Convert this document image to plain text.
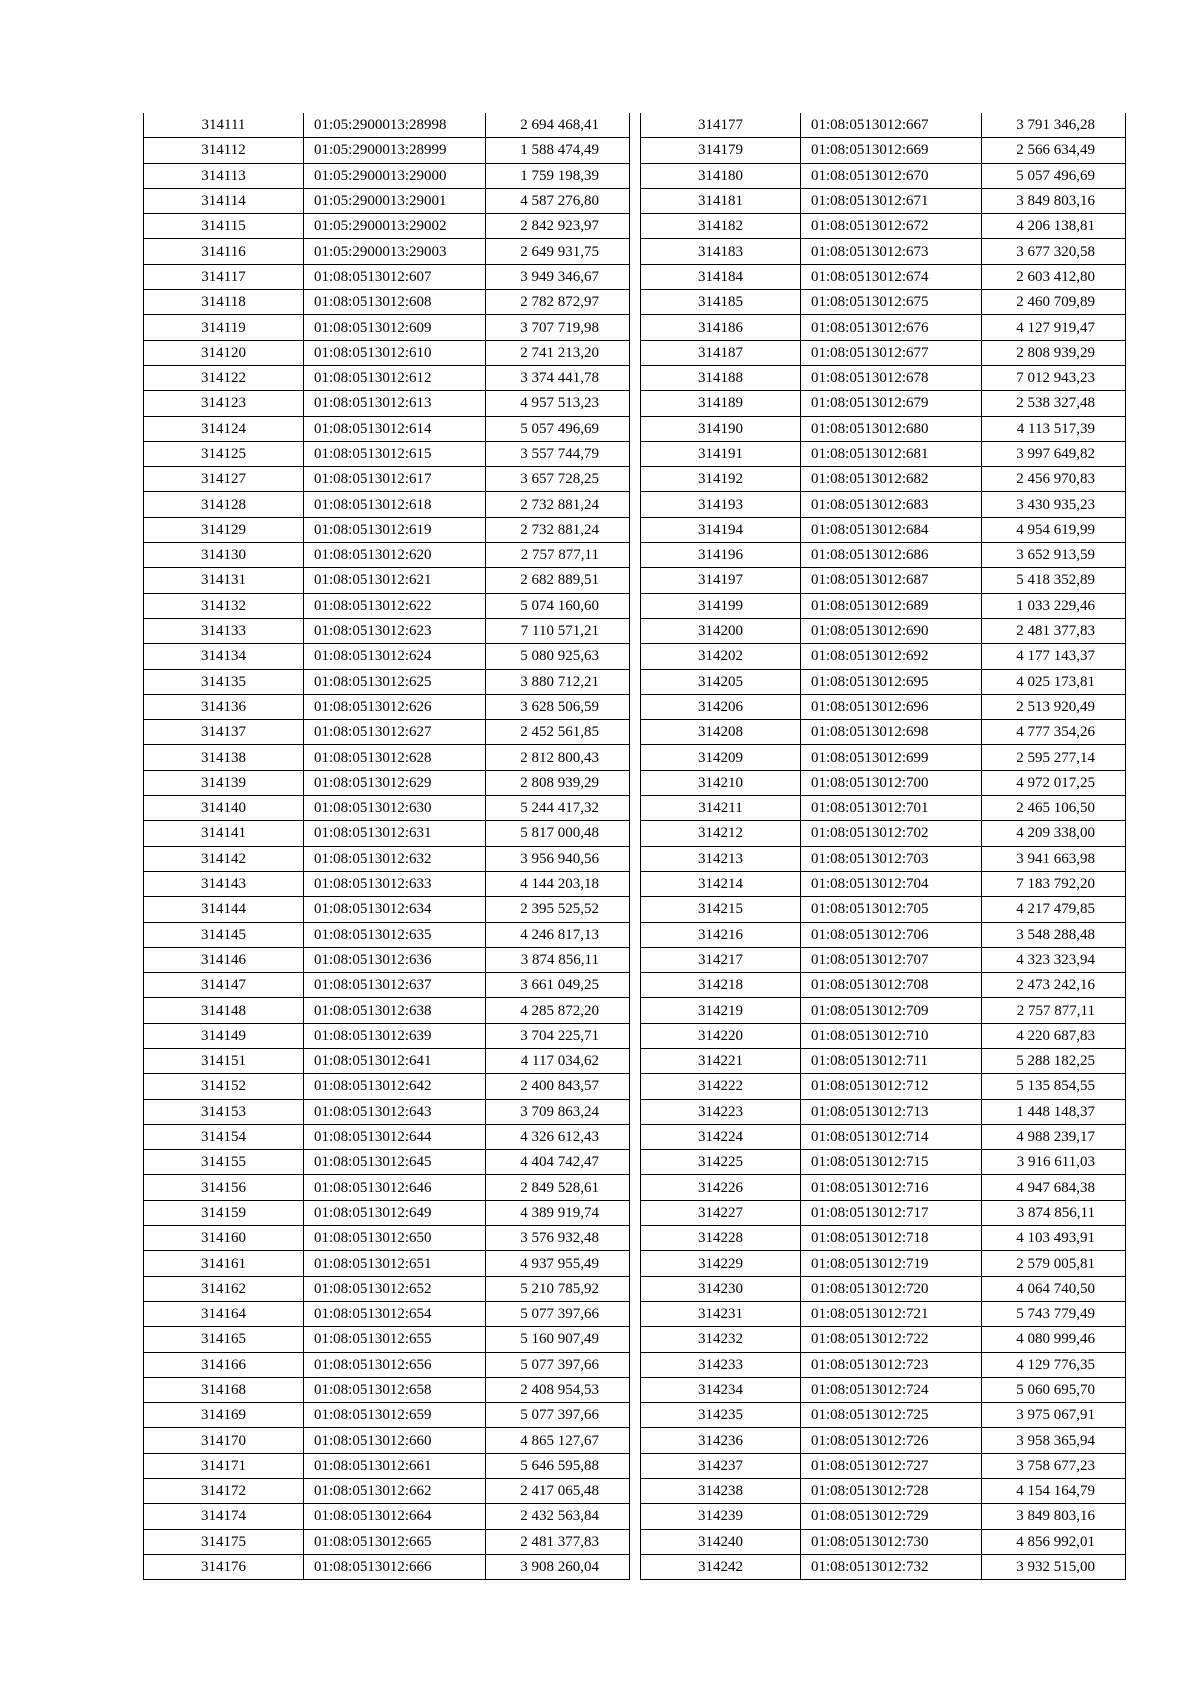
314111	01:05:2900013:28998	2 694 468,41
314112	01:05:2900013:28999	1 588 474,49
314113	01:05:2900013:29000	1 759 198,39
314114	01:05:2900013:29001	4 587 276,80
314115	01:05:2900013:29002	2 842 923,97
314116	01:05:2900013:29003	2 649 931,75
314117	01:08:0513012:607	3 949 346,67
314118	01:08:0513012:608	2 782 872,97
314119	01:08:0513012:609	3 707 719,98
314120	01:08:0513012:610	2 741 213,20
314122	01:08:0513012:612	3 374 441,78
314123	01:08:0513012:613	4 957 513,23
314124	01:08:0513012:614	5 057 496,69
314125	01:08:0513012:615	3 557 744,79
314127	01:08:0513012:617	3 657 728,25
314128	01:08:0513012:618	2 732 881,24
314129	01:08:0513012:619	2 732 881,24
314130	01:08:0513012:620	2 757 877,11
314131	01:08:0513012:621	2 682 889,51
314132	01:08:0513012:622	5 074 160,60
314133	01:08:0513012:623	7 110 571,21
314134	01:08:0513012:624	5 080 925,63
314135	01:08:0513012:625	3 880 712,21
314136	01:08:0513012:626	3 628 506,59
314137	01:08:0513012:627	2 452 561,85
314138	01:08:0513012:628	2 812 800,43
314139	01:08:0513012:629	2 808 939,29
314140	01:08:0513012:630	5 244 417,32
314141	01:08:0513012:631	5 817 000,48
314142	01:08:0513012:632	3 956 940,56
314143	01:08:0513012:633	4 144 203,18
314144	01:08:0513012:634	2 395 525,52
314145	01:08:0513012:635	4 246 817,13
314146	01:08:0513012:636	3 874 856,11
314147	01:08:0513012:637	3 661 049,25
314148	01:08:0513012:638	4 285 872,20
314149	01:08:0513012:639	3 704 225,71
314151	01:08:0513012:641	4 117 034,62
314152	01:08:0513012:642	2 400 843,57
314153	01:08:0513012:643	3 709 863,24
314154	01:08:0513012:644	4 326 612,43
314155	01:08:0513012:645	4 404 742,47
314156	01:08:0513012:646	2 849 528,61
314159	01:08:0513012:649	4 389 919,74
314160	01:08:0513012:650	3 576 932,48
314161	01:08:0513012:651	4 937 955,49
314162	01:08:0513012:652	5 210 785,92
314164	01:08:0513012:654	5 077 397,66
314165	01:08:0513012:655	5 160 907,49
314166	01:08:0513012:656	5 077 397,66
314168	01:08:0513012:658	2 408 954,53
314169	01:08:0513012:659	5 077 397,66
314170	01:08:0513012:660	4 865 127,67
314171	01:08:0513012:661	5 646 595,88
314172	01:08:0513012:662	2 417 065,48
314174	01:08:0513012:664	2 432 563,84
314175	01:08:0513012:665	2 481 377,83
314176	01:08:0513012:666	3 908 260,04
314177	01:08:0513012:667	3 791 346,28
314179	01:08:0513012:669	2 566 634,49
314180	01:08:0513012:670	5 057 496,69
314181	01:08:0513012:671	3 849 803,16
314182	01:08:0513012:672	4 206 138,81
314183	01:08:0513012:673	3 677 320,58
314184	01:08:0513012:674	2 603 412,80
314185	01:08:0513012:675	2 460 709,89
314186	01:08:0513012:676	4 127 919,47
314187	01:08:0513012:677	2 808 939,29
314188	01:08:0513012:678	7 012 943,23
314189	01:08:0513012:679	2 538 327,48
314190	01:08:0513012:680	4 113 517,39
314191	01:08:0513012:681	3 997 649,82
314192	01:08:0513012:682	2 456 970,83
314193	01:08:0513012:683	3 430 935,23
314194	01:08:0513012:684	4 954 619,99
314196	01:08:0513012:686	3 652 913,59
314197	01:08:0513012:687	5 418 352,89
314199	01:08:0513012:689	1 033 229,46
314200	01:08:0513012:690	2 481 377,83
314202	01:08:0513012:692	4 177 143,37
314205	01:08:0513012:695	4 025 173,81
314206	01:08:0513012:696	2 513 920,49
314208	01:08:0513012:698	4 777 354,26
314209	01:08:0513012:699	2 595 277,14
314210	01:08:0513012:700	4 972 017,25
314211	01:08:0513012:701	2 465 106,50
314212	01:08:0513012:702	4 209 338,00
314213	01:08:0513012:703	3 941 663,98
314214	01:08:0513012:704	7 183 792,20
314215	01:08:0513012:705	4 217 479,85
314216	01:08:0513012:706	3 548 288,48
314217	01:08:0513012:707	4 323 323,94
314218	01:08:0513012:708	2 473 242,16
314219	01:08:0513012:709	2 757 877,11
314220	01:08:0513012:710	4 220 687,83
314221	01:08:0513012:711	5 288 182,25
314222	01:08:0513012:712	5 135 854,55
314223	01:08:0513012:713	1 448 148,37
314224	01:08:0513012:714	4 988 239,17
314225	01:08:0513012:715	3 916 611,03
314226	01:08:0513012:716	4 947 684,38
314227	01:08:0513012:717	3 874 856,11
314228	01:08:0513012:718	4 103 493,91
314229	01:08:0513012:719	2 579 005,81
314230	01:08:0513012:720	4 064 740,50
314231	01:08:0513012:721	5 743 779,49
314232	01:08:0513012:722	4 080 999,46
314233	01:08:0513012:723	4 129 776,35
314234	01:08:0513012:724	5 060 695,70
314235	01:08:0513012:725	3 975 067,91
314236	01:08:0513012:726	3 958 365,94
314237	01:08:0513012:727	3 758 677,23
314238	01:08:0513012:728	4 154 164,79
314239	01:08:0513012:729	3 849 803,16
314240	01:08:0513012:730	4 856 992,01
314242	01:08:0513012:732	3 932 515,00
